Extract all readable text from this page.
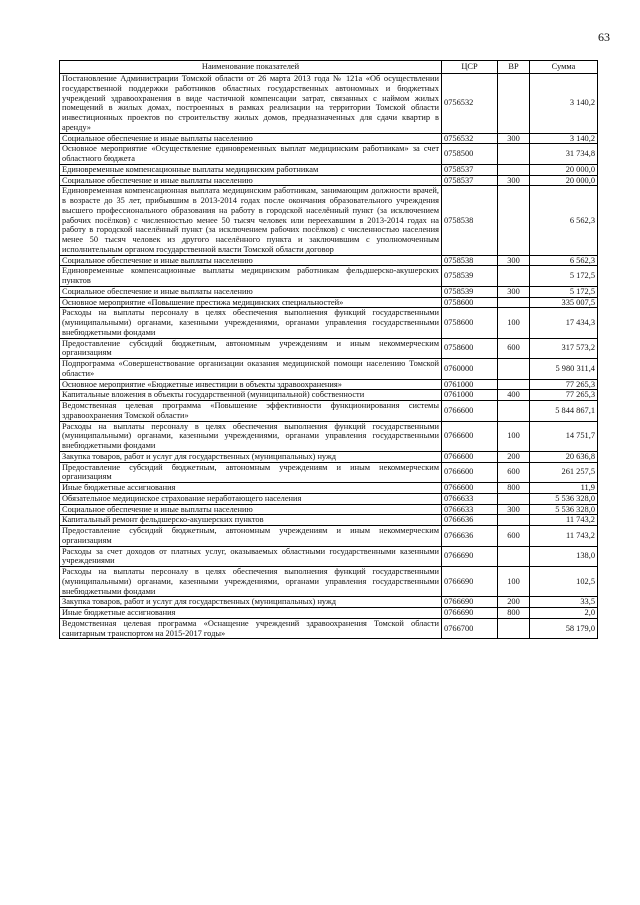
63
Наименование показателей	ЦСР	ВР	Сумма
Постановление Администрации Томской области от 26 марта 2013 года № 121а «Об осуществлении государственной поддержки работников областных государственных автономных и бюджетных учреждений здравоохранения в виде частичной компенсации затрат, связанных с наймом жилых помещений в жилых домах, построенных в рамках реализации на территории Томской области инвестиционных проектов по строительству жилых домов, предназначенных для сдачи квартир в аренду»	0756532		3 140,2
Социальное обеспечение и иные выплаты населению	0756532	300	3 140,2
Основное мероприятие «Осуществление единовременных выплат медицинским работникам» за счет областного бюджета	0758500		31 734,8
Единовременные компенсационные выплаты медицинским работникам	0758537		20 000,0
Социальное обеспечение и иные выплаты населению	0758537	300	20 000,0
Единовременная компенсационная выплата медицинским работникам, занимающим должности врачей, в возрасте до 35 лет, прибывшим в 2013-2014 годах после окончания образовательного учреждения высшего профессионального образования на работу в городской населённый пункт (за исключением рабочих посёлков) с численностью менее 50 тысяч человек или переехавшим в 2013-2014 годах на работу в городской населённый пункт (за исключением рабочих посёлков) с численностью населения менее 50 тысяч человек из другого населённого пункта и заключившим с уполномоченным исполнительным органом государственной власти Томской области договор	0758538		6 562,3
Социальное обеспечение и иные выплаты населению	0758538	300	6 562,3
Единовременные компенсационные выплаты медицинским работникам фельдшерско-акушерских пунктов	0758539		5 172,5
Социальное обеспечение и иные выплаты населению	0758539	300	5 172,5
Основное мероприятие «Повышение престижа медицинских специальностей»	0758600		335 007,5
Расходы на выплаты персоналу в целях обеспечения выполнения функций государственными (муниципальными) органами, казенными учреждениями, органами управления государственными внебюджетными фондами	0758600	100	17 434,3
Предоставление субсидий бюджетным, автономным учреждениям и иным некоммерческим организациям	0758600	600	317 573,2
Подпрограмма «Совершенствование организации оказания медицинской помощи населению Томской области»	0760000		5 980 311,4
Основное мероприятие «Бюджетные инвестиции в объекты здравоохранения»	0761000		77 265,3
Капитальные вложения в объекты государственной (муниципальной) собственности	0761000	400	77 265,3
Ведомственная целевая программа «Повышение эффективности функционирования системы здравоохранения Томской области»	0766600		5 844 867,1
Расходы на выплаты персоналу в целях обеспечения выполнения функций государственными (муниципальными) органами, казенными учреждениями, органами управления государственными внебюджетными фондами	0766600	100	14 751,7
Закупка товаров, работ и услуг для государственных (муниципальных) нужд	0766600	200	20 636,8
Предоставление субсидий бюджетным, автономным учреждениям и иным некоммерческим организациям	0766600	600	261 257,5
Иные бюджетные ассигнования	0766600	800	11,9
Обязательное медицинское страхование неработающего населения	0766633		5 536 328,0
Социальное обеспечение и иные выплаты населению	0766633	300	5 536 328,0
Капитальный ремонт фельдшерско-акушерских пунктов	0766636		11 743,2
Предоставление субсидий бюджетным, автономным учреждениям и иным некоммерческим организациям	0766636	600	11 743,2
Расходы за счет доходов от платных услуг, оказываемых областными государственными казенными учреждениями	0766690		138,0
Расходы на выплаты персоналу в целях обеспечения выполнения функций государственными (муниципальными) органами, казенными учреждениями, органами управления государственными внебюджетными фондами	0766690	100	102,5
Закупка товаров, работ и услуг для государственных (муниципальных) нужд	0766690	200	33,5
Иные бюджетные ассигнования	0766690	800	2,0
Ведомственная целевая программа «Оснащение учреждений здравоохранения Томской области санитарным транспортом на 2015-2017 годы»	0766700		58 179,0
